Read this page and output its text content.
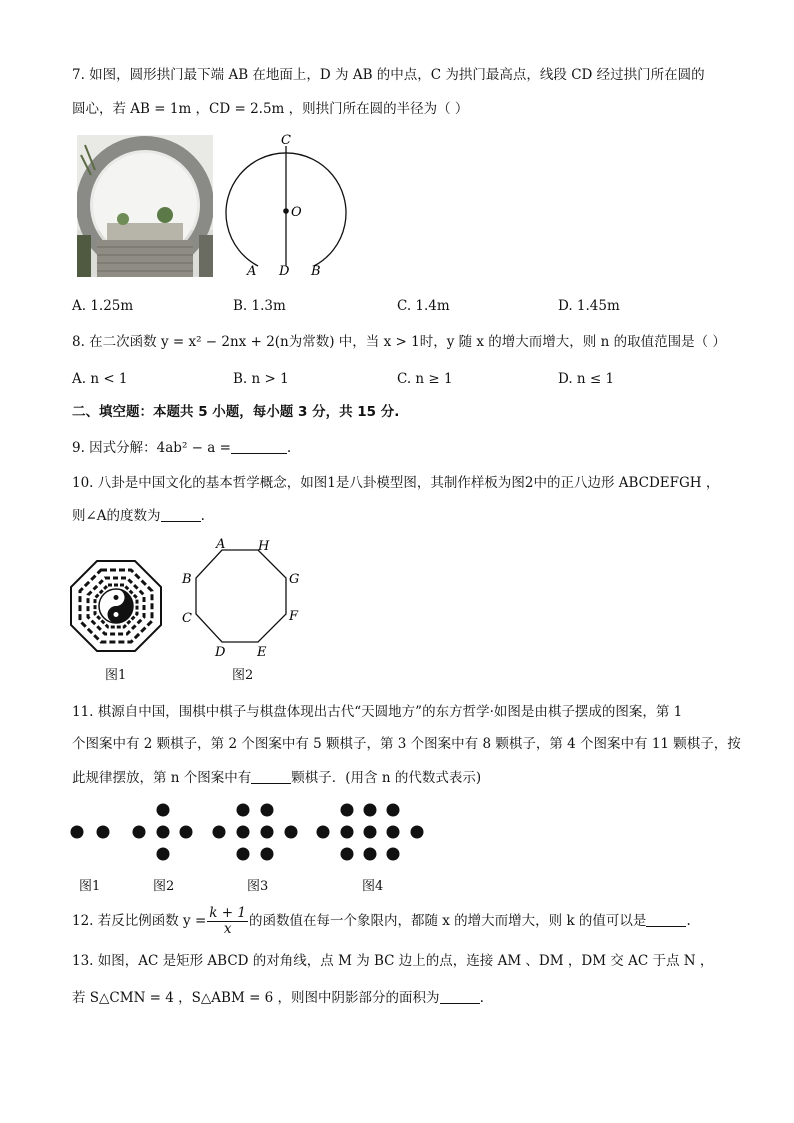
7. 如图，圆形拱门最下端 AB 在地面上，D 为 AB 的中点，C 为拱门最高点，线段 CD 经过拱门所在圆的
圆心，若 AB = 1m ，CD = 2.5m ，则拱门所在圆的半径为（ ）
C
O
A D B
A. 1.25m	B. 1.3m	C. 1.4m	D. 1.45m
8. 在二次函数 y = x² − 2nx + 2(n为常数) 中，当 x > 1时，y 随 x 的增大而增大，则 n 的取值范围是（ ）
A. n < 1	B. n > 1	C. n ≥ 1	D. n ≤ 1
二、填空题：本题共 5 小题，每小题 3 分，共 15 分.
9. 因式分解：4ab² − a =	.
10. 八卦是中国文化的基本哲学概念，如图1是八卦模型图，其制作样板为图2中的正八边形 ABCDEFGH ，
则∠A的度数为	.
A	H
B	G
C	F
D E
图1	图2
11. 棋源自中国，围棋中棋子与棋盘体现出古代“天圆地方”的东方哲学·如图是由棋子摆成的图案，第 1
个图案中有 2 颗棋子，第 2 个图案中有 5 颗棋子，第 3 个图案中有 8 颗棋子，第 4 个图案中有 11 颗棋子，按
此规律摆放，第 n 个图案中有	颗棋子．(用含 n 的代数式表示)
图1	图2	图3	图4
12. 若反比例函数 $y = \frac{k + 1}{x}$ 的函数值在每一个象限内，都随 x 的增大而增大，则 k 的值可以是	.
13. 如图，AC 是矩形 ABCD 的对角线，点 M 为 BC 边上的点，连接 AM 、DM ，DM 交 AC 于点 N ，
若 S△CMN = 4 ，S△ABM = 6 ，则图中阴影部分的面积为	.
